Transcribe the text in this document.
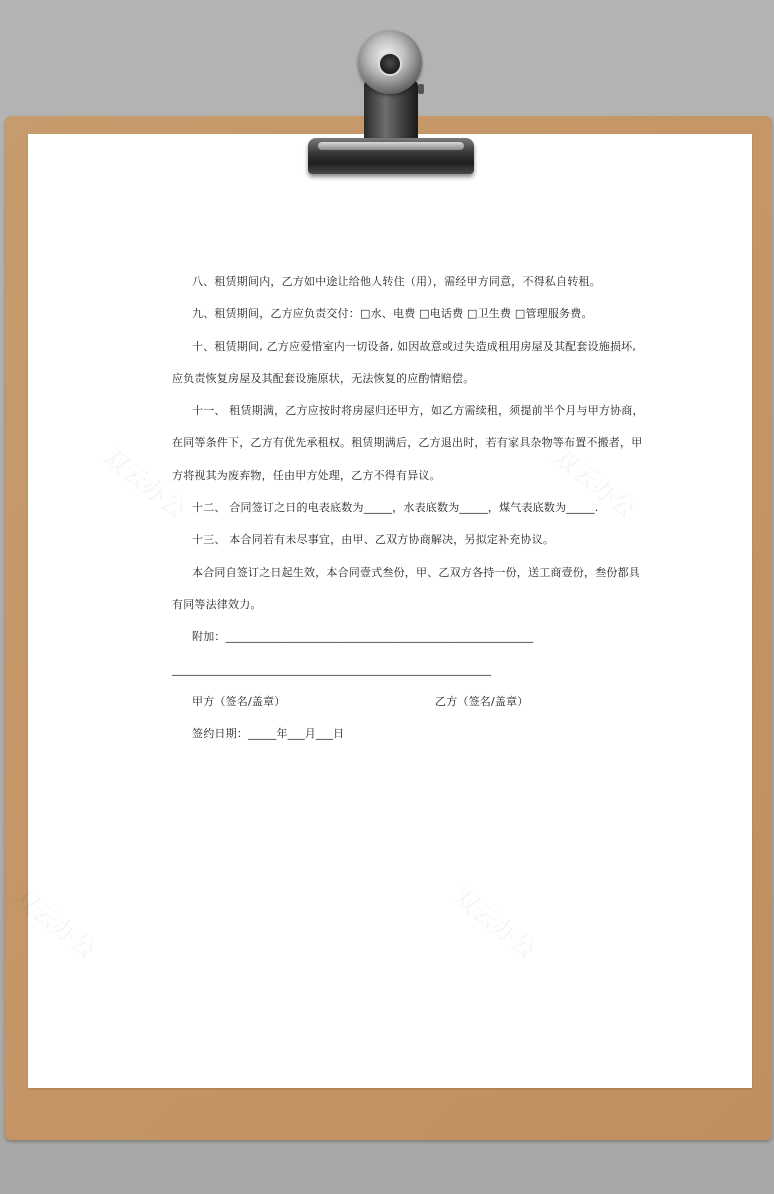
八、租赁期间内，乙方如中途让给他人转住（用），需经甲方同意，不得私自转租。
九、租赁期间，乙方应负责交付：□水、电费 □电话费 □卫生费 □管理服务费。
十、租赁期间, 乙方应爱惜室内一切设备, 如因故意或过失造成租用房屋及其配套设施损坏,
应负责恢复房屋及其配套设施原状，无法恢复的应酌情赔偿。
十一、 租赁期满，乙方应按时将房屋归还甲方，如乙方需续租，须提前半个月与甲方协商，
在同等条件下，乙方有优先承租权。租赁期满后，乙方退出时，若有家具杂物等布置不搬者，甲
方将视其为废弃物，任由甲方处理，乙方不得有异议。
十二、 合同签订之日的电表底数为_____，水表底数为_____，煤气表底数为_____.
十三、 本合同若有未尽事宜，由甲、乙双方协商解决，另拟定补充协议。
本合同自签订之日起生效，本合同壹式叁份，甲、乙双方各持一份，送工商壹份，叁份都具
有同等法律效力。
附加：______________________________________________________
________________________________________________________
甲方（签名/盖章）	乙方（签名/盖章）
签约日期：_____年___月___日
